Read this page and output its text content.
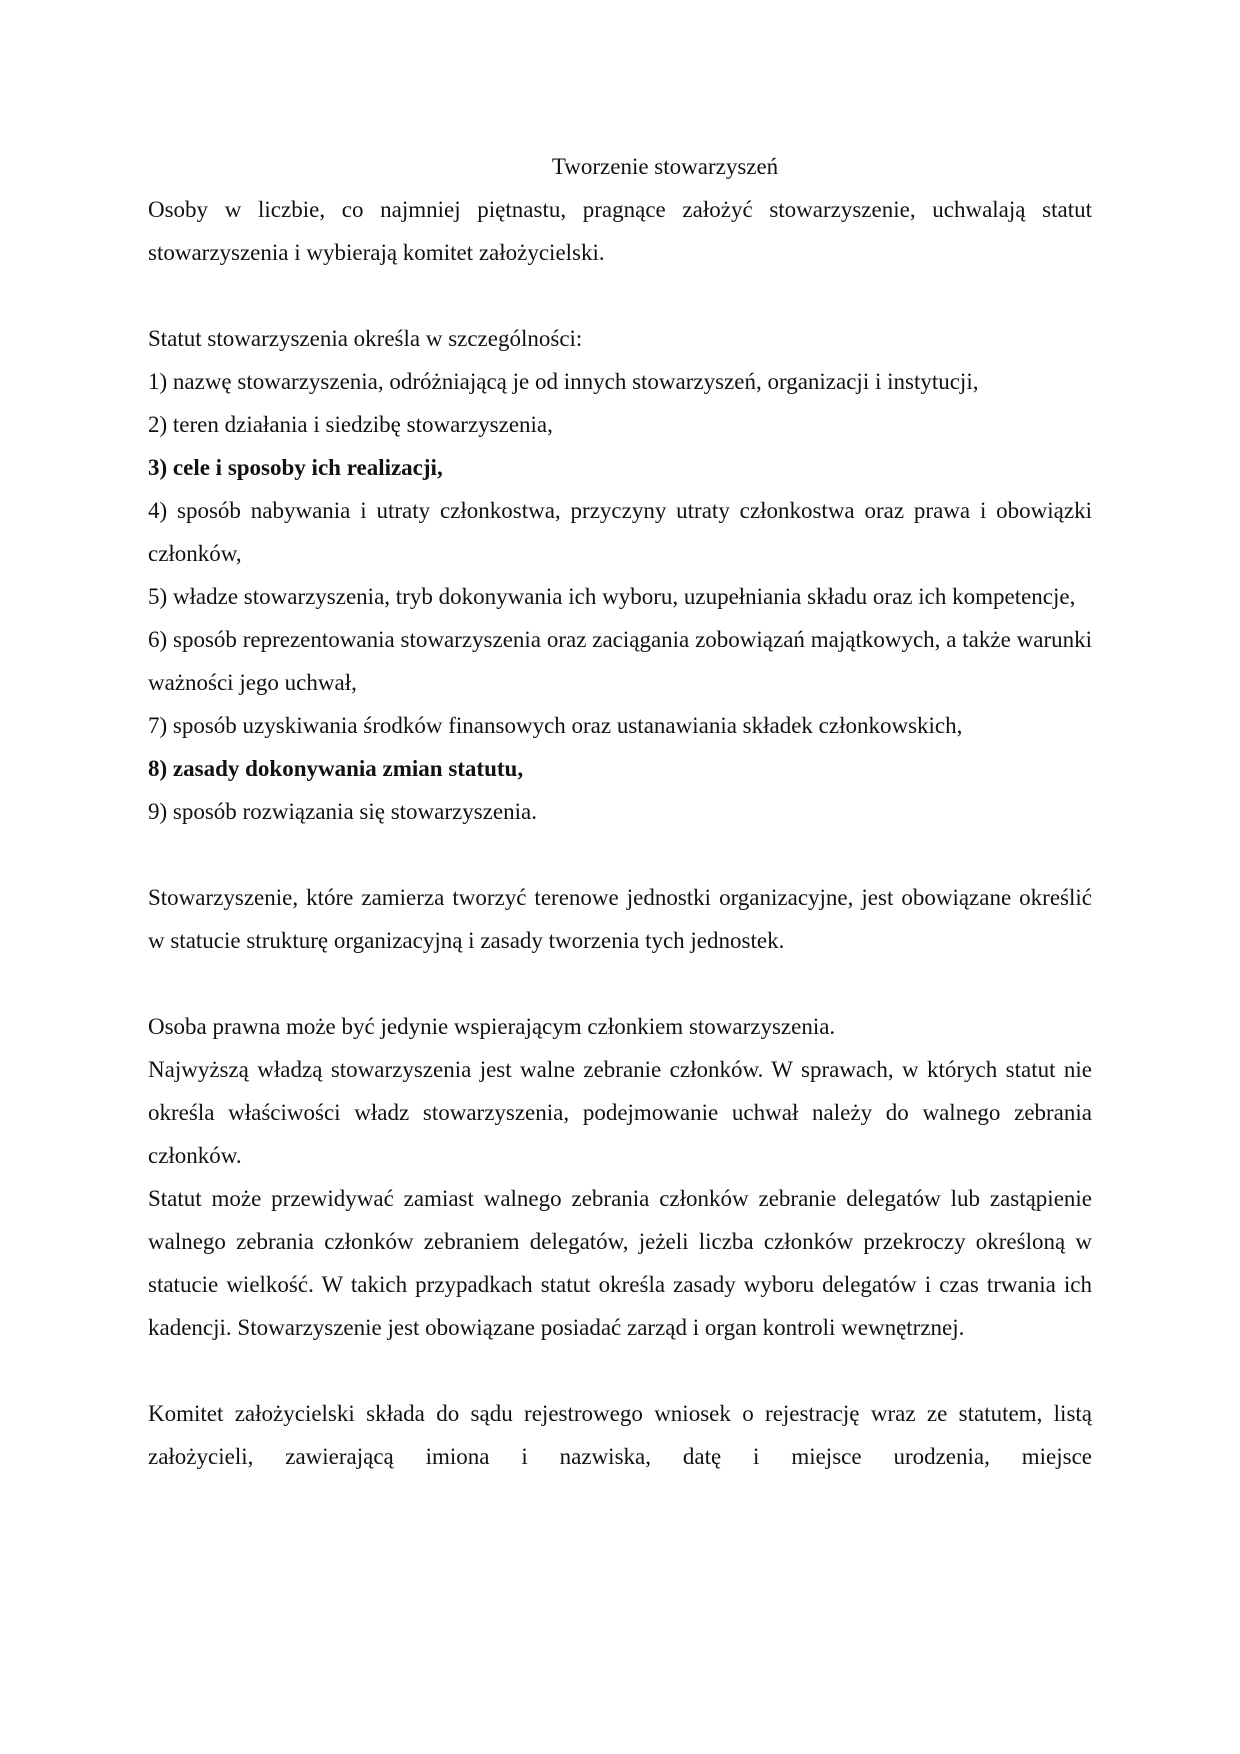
Tworzenie stowarzyszeń

Osoby w liczbie, co najmniej piętnastu, pragnące założyć stowarzyszenie, uchwalają statut stowarzyszenia i wybierają komitet założycielski.

Statut stowarzyszenia określa w szczególności:

1) nazwę stowarzyszenia, odróżniającą je od innych stowarzyszeń, organizacji i instytucji,

2) teren działania i siedzibę stowarzyszenia,

3) cele i sposoby ich realizacji,

4) sposób nabywania i utraty członkostwa, przyczyny utraty członkostwa oraz prawa i obowiązki członków,

5) władze stowarzyszenia, tryb dokonywania ich wyboru, uzupełniania składu oraz ich kompetencje,

6) sposób reprezentowania stowarzyszenia oraz zaciągania zobowiązań majątkowych, a także warunki ważności jego uchwał,

7) sposób uzyskiwania środków finansowych oraz ustanawiania składek członkowskich,

8) zasady dokonywania zmian statutu,

9) sposób rozwiązania się stowarzyszenia.

Stowarzyszenie, które zamierza tworzyć terenowe jednostki organizacyjne, jest obowiązane określić w statucie strukturę organizacyjną i zasady tworzenia tych jednostek.

Osoba prawna może być jedynie wspierającym członkiem stowarzyszenia.

Najwyższą władzą stowarzyszenia jest walne zebranie członków. W sprawach, w których statut nie określa właściwości władz stowarzyszenia, podejmowanie uchwał należy do walnego zebrania członków.

Statut może przewidywać zamiast walnego zebrania członków zebranie delegatów lub zastąpienie walnego zebrania członków zebraniem delegatów, jeżeli liczba członków przekroczy określoną w statucie wielkość. W takich przypadkach statut określa zasady wyboru delegatów i czas trwania ich kadencji. Stowarzyszenie jest obowiązane posiadać zarząd i organ kontroli wewnętrznej.

Komitet założycielski składa do sądu rejestrowego wniosek o rejestrację wraz ze statutem, listą założycieli, zawierającą imiona i nazwiska, datę i miejsce urodzenia, miejsce
